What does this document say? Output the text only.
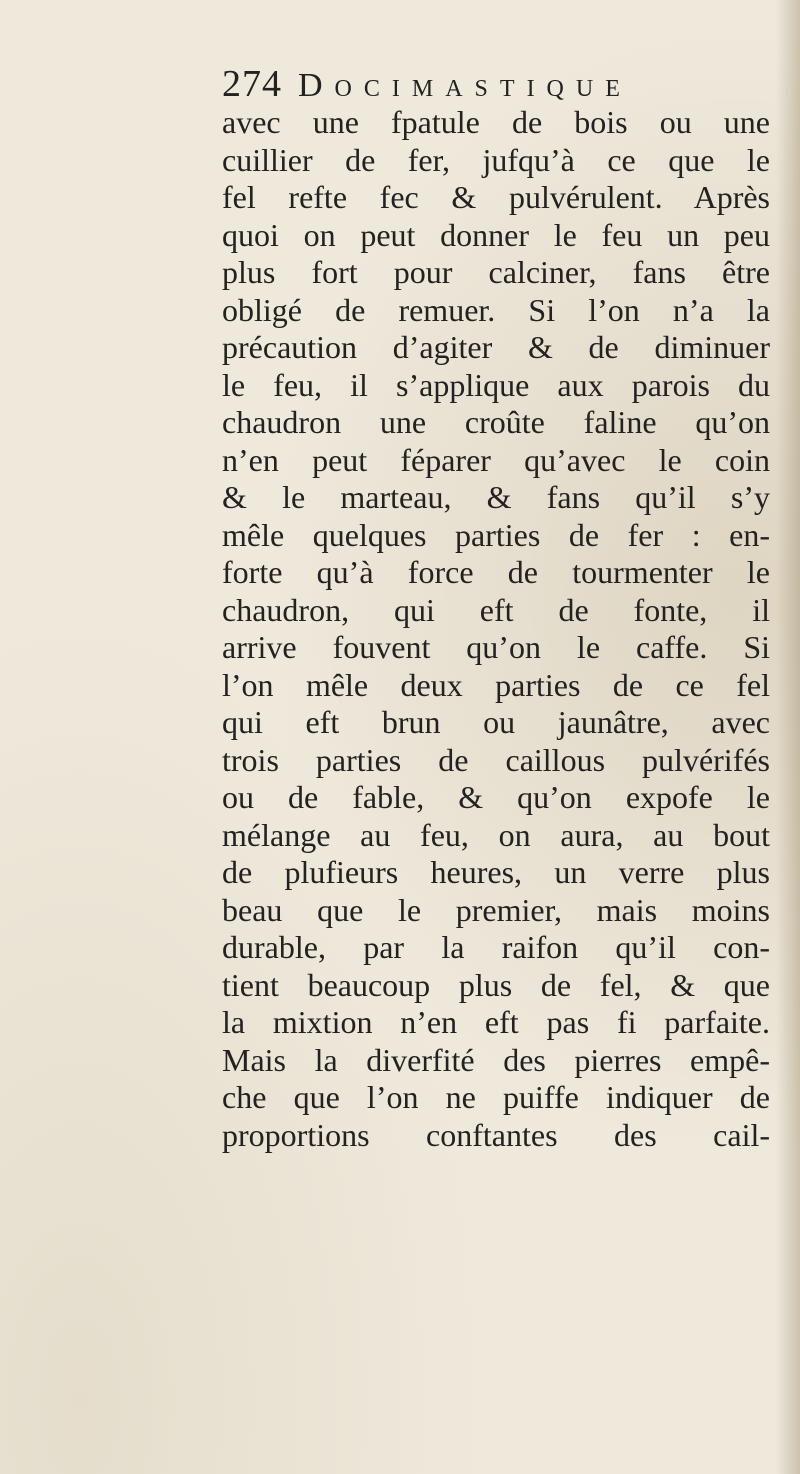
274 Docimastique
avec une fpatule de bois ou une
cuillier de fer, jufqu’à ce que le
fel refte fec & pulvérulent. Après
quoi on peut donner le feu un peu
plus fort pour calciner, fans être
obligé de remuer. Si l’on n’a la
précaution d’agiter & de diminuer
le feu, il s’applique aux parois du
chaudron une croûte faline qu’on
n’en peut féparer qu’avec le coin
& le marteau, & fans qu’il s’y
mêle quelques parties de fer : en-
forte qu’à force de tourmenter le
chaudron, qui eft de fonte, il
arrive fouvent qu’on le caffe. Si
l’on mêle deux parties de ce fel
qui eft brun ou jaunâtre, avec
trois parties de caillous pulvérifés
ou de fable, & qu’on expofe le
mélange au feu, on aura, au bout
de plufieurs heures, un verre plus
beau que le premier, mais moins
durable, par la raifon qu’il con-
tient beaucoup plus de fel, & que
la mixtion n’en eft pas fi parfaite.
Mais la diverfité des pierres empê-
che que l’on ne puiffe indiquer de
proportions conftantes des cail-
